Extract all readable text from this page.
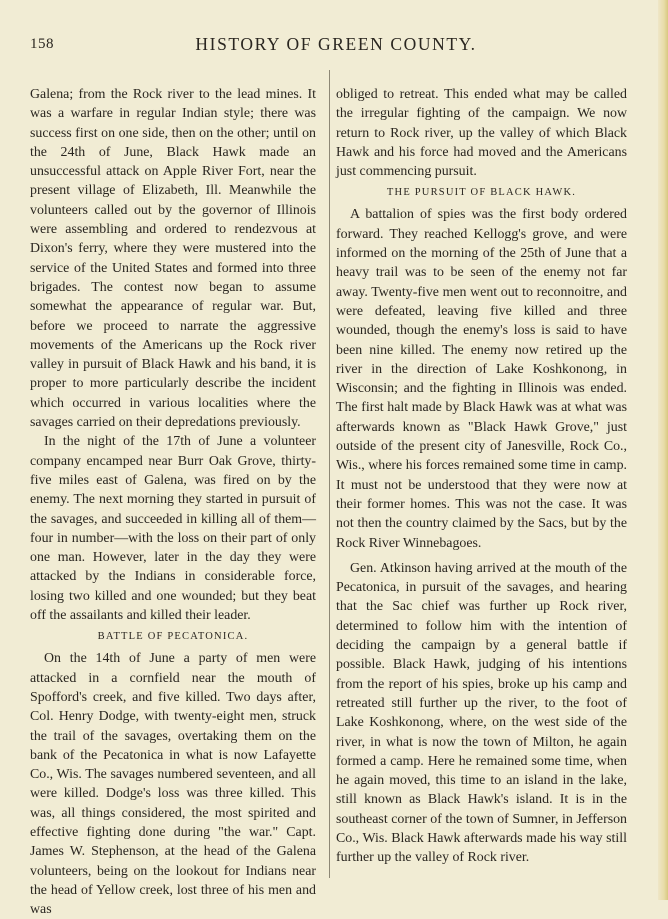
158	HISTORY OF GREEN COUNTY.

Galena; from the Rock river to the lead mines. It was a warfare in regular Indian style; there was success first on one side, then on the other; until on the 24th of June, Black Hawk made an unsuccessful attack on Apple River Fort, near the present village of Elizabeth, Ill. Meanwhile the volunteers called out by the governor of Illinois were assembling and ordered to rendezvous at Dixon's ferry, where they were mustered into the service of the United States and formed into three brigades. The contest now began to assume somewhat the appearance of regular war. But, before we proceed to narrate the aggressive movements of the Americans up the Rock river valley in pursuit of Black Hawk and his band, it is proper to more particularly describe the incident which occurred in various localities where the savages carried on their depredations previously.

In the night of the 17th of June a volunteer company encamped near Burr Oak Grove, thirty-five miles east of Galena, was fired on by the enemy. The next morning they started in pursuit of the savages, and succeeded in killing all of them—four in number—with the loss on their part of only one man. However, later in the day they were attacked by the Indians in considerable force, losing two killed and one wounded; but they beat off the assailants and killed their leader.

BATTLE OF PECATONICA.

On the 14th of June a party of men were attacked in a cornfield near the mouth of Spofford's creek, and five killed. Two days after, Col. Henry Dodge, with twenty-eight men, struck the trail of the savages, overtaking them on the bank of the Pecatonica in what is now Lafayette Co., Wis. The savages numbered seventeen, and all were killed. Dodge's loss was three killed. This was, all things considered, the most spirited and effective fighting done during "the war." Capt. James W. Stephenson, at the head of the Galena volunteers, being on the lookout for Indians near the head of Yellow creek, lost three of his men and was

obliged to retreat. This ended what may be called the irregular fighting of the campaign. We now return to Rock river, up the valley of which Black Hawk and his force had moved and the Americans just commencing pursuit.

THE PURSUIT OF BLACK HAWK.

A battalion of spies was the first body ordered forward. They reached Kellogg's grove, and were informed on the morning of the 25th of June that a heavy trail was to be seen of the enemy not far away. Twenty-five men went out to reconnoitre, and were defeated, leaving five killed and three wounded, though the enemy's loss is said to have been nine killed. The enemy now retired up the river in the direction of Lake Koshkonong, in Wisconsin; and the fighting in Illinois was ended. The first halt made by Black Hawk was at what was afterwards known as "Black Hawk Grove," just outside of the present city of Janesville, Rock Co., Wis., where his forces remained some time in camp. It must not be understood that they were now at their former homes. This was not the case. It was not then the country claimed by the Sacs, but by the Rock River Winnebagoes.

Gen. Atkinson having arrived at the mouth of the Pecatonica, in pursuit of the savages, and hearing that the Sac chief was further up Rock river, determined to follow him with the intention of deciding the campaign by a general battle if possible. Black Hawk, judging of his intentions from the report of his spies, broke up his camp and retreated still further up the river, to the foot of Lake Koshkonong, where, on the west side of the river, in what is now the town of Milton, he again formed a camp. Here he remained some time, when he again moved, this time to an island in the lake, still known as Black Hawk's island. It is in the southeast corner of the town of Sumner, in Jefferson Co., Wis. Black Hawk afterwards made his way still further up the valley of Rock river.
